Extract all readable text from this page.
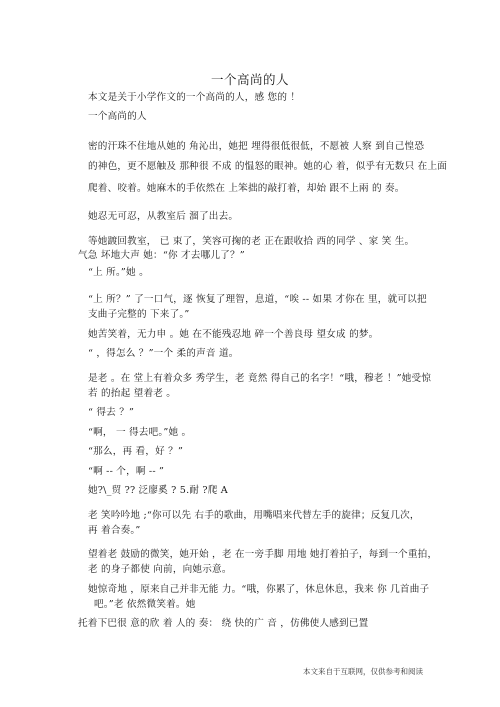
一个高尚的人
本文是关于小学作文的一个高尚的人，感 您的 ！
一个高尚的人
密的汗珠不住地从她的 角沁出，她把 埋得很低很低，不愿被 人察 到自己惶恐
的神色，更不愿触及 那种很 不成 的愠怒的眼神。她的心 着，似乎有无数只 在上面
爬着、咬着。她麻木的手依然在 上笨拙的敲打着，却始 跟不上兩 的 奏。
她忍无可忍，从教室后 溜了出去。
等她踱回教室， 已 束了，笑容可掬的老 正在跟收拾 西的同学 、家 笑 生。
气急 坏地大声 她：“你 才去哪儿了？”
“上 所。”她 。
“上 所？” 了一口气，逐 恢复了理智，息道，“唉 -- 如果 才你在 里，就可以把
支曲子完整的 下来了。”
她苦笑着，无力申 。她 在不能残忍地 碎一个善良母 望女成 的梦。
“ ，得怎么 ？”一个 柔的声音 道。
是老 。在 堂上有着众多 秀学生，老 竟然 得自己的名字！“哦，穆老 ！”她受惊
若 的抬起 望着老 。
“ 得去 ？”
“啊， 一 得去吧。”她 。
“那么，再 看，好 ？”
“啊 -- 个，啊 -- ”
她?\_贸 ?? 泛廖奚 ? 5.耐 ?爬 A
老 笑吟吟地 ;“你可以先 右手的歌曲，用嘴唱来代替左手的旋律；反复几次，
再 着合奏。”
望着老 鼓励的微笑，她开始 ，老 在一旁手脚 用地 她打着拍子，每到一个重拍，
老 的身子都使 向前，向她示意。
她惊奇地 ，原来自己并非无能 力。“哦，你累了，休息休息，我来 你 几首曲子
吧。”老 依然微笑着。她
托着下巴很 意的欣 着 人的 奏： 绕 快的广 音 ，仿佛使人感到已置
本文来自于互联网，仅供参考和阅读
